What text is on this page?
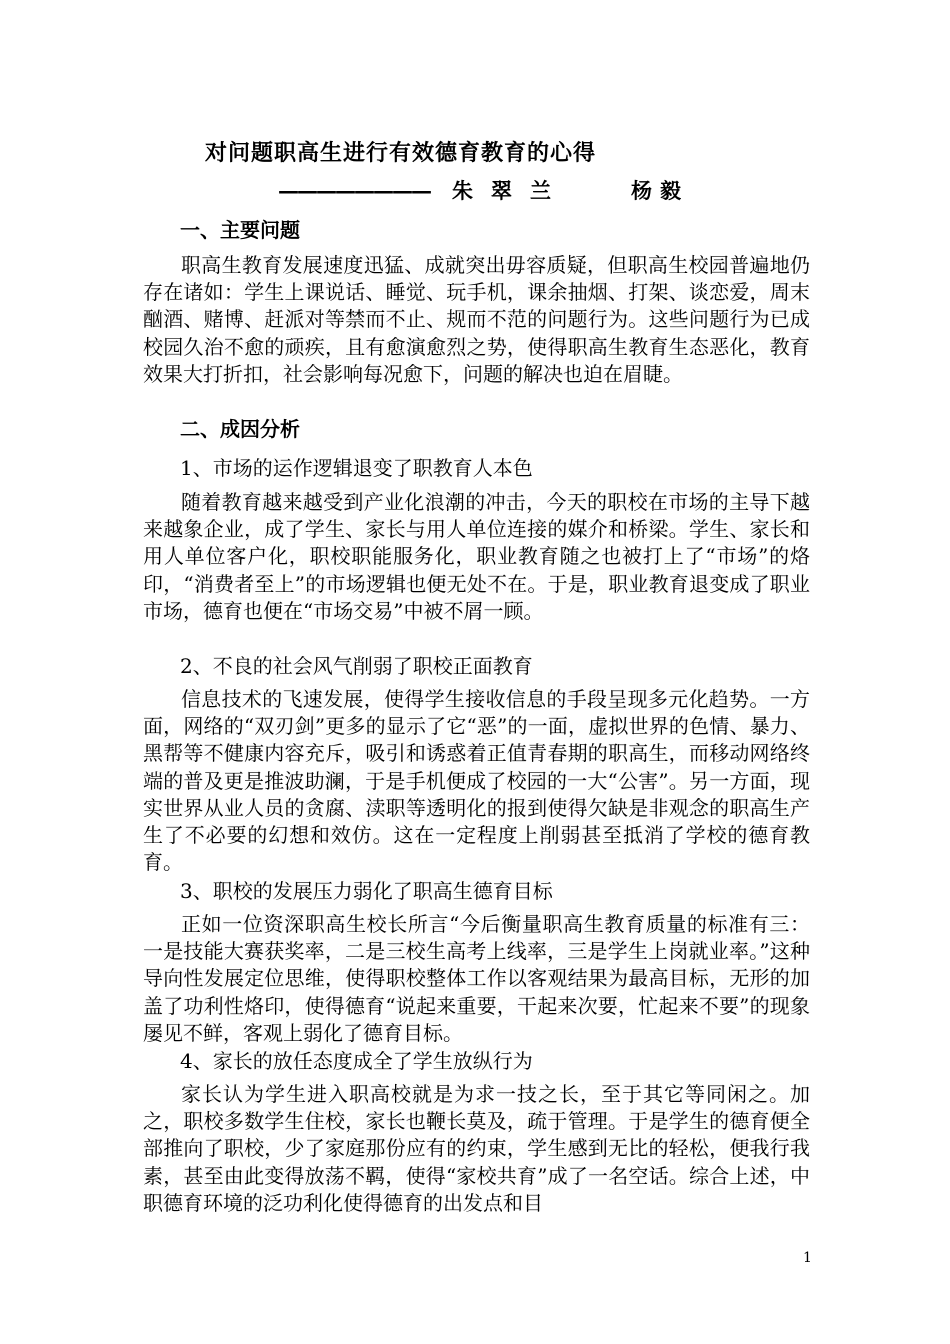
对问题职高生进行有效德育教育的心得
———————— 朱翠兰	杨毅
一、主要问题
职高生教育发展速度迅猛、成就突出毋容质疑，但职高生校园普遍地仍存在诸如：学生上课说话、睡觉、玩手机，课余抽烟、打架、谈恋爱，周末酗酒、赌博、赶派对等禁而不止、规而不范的问题行为。这些问题行为已成校园久治不愈的顽疾，且有愈演愈烈之势，使得职高生教育生态恶化，教育效果大打折扣，社会影响每况愈下，问题的解决也迫在眉睫。
二、成因分析
1、市场的运作逻辑退变了职教育人本色
随着教育越来越受到产业化浪潮的冲击，今天的职校在市场的主导下越来越象企业，成了学生、家长与用人单位连接的媒介和桥梁。学生、家长和用人单位客户化，职校职能服务化，职业教育随之也被打上了“市场”的烙印，“消费者至上”的市场逻辑也便无处不在。于是，职业教育退变成了职业市场，德育也便在“市场交易”中被不屑一顾。
2、不良的社会风气削弱了职校正面教育
信息技术的飞速发展，使得学生接收信息的手段呈现多元化趋势。一方面，网络的“双刃剑”更多的显示了它“恶”的一面，虚拟世界的色情、暴力、黑帮等不健康内容充斥，吸引和诱惑着正值青春期的职高生，而移动网络终端的普及更是推波助澜，于是手机便成了校园的一大“公害”。另一方面，现实世界从业人员的贪腐、渎职等透明化的报到使得欠缺是非观念的职高生产生了不必要的幻想和效仿。这在一定程度上削弱甚至抵消了学校的德育教育。
3、职校的发展压力弱化了职高生德育目标
正如一位资深职高生校长所言“今后衡量职高生教育质量的标准有三：一是技能大赛获奖率，二是三校生高考上线率，三是学生上岗就业率。”这种导向性发展定位思维，使得职校整体工作以客观结果为最高目标，无形的加盖了功利性烙印，使得德育“说起来重要，干起来次要，忙起来不要”的现象屡见不鲜，客观上弱化了德育目标。
4、家长的放任态度成全了学生放纵行为
家长认为学生进入职高校就是为求一技之长，至于其它等同闲之。加之，职校多数学生住校，家长也鞭长莫及，疏于管理。于是学生的德育便全部推向了职校，少了家庭那份应有的约束，学生感到无比的轻松，便我行我素，甚至由此变得放荡不羁，使得“家校共育”成了一名空话。综合上述，中职德育环境的泛功利化使得德育的出发点和目
1
